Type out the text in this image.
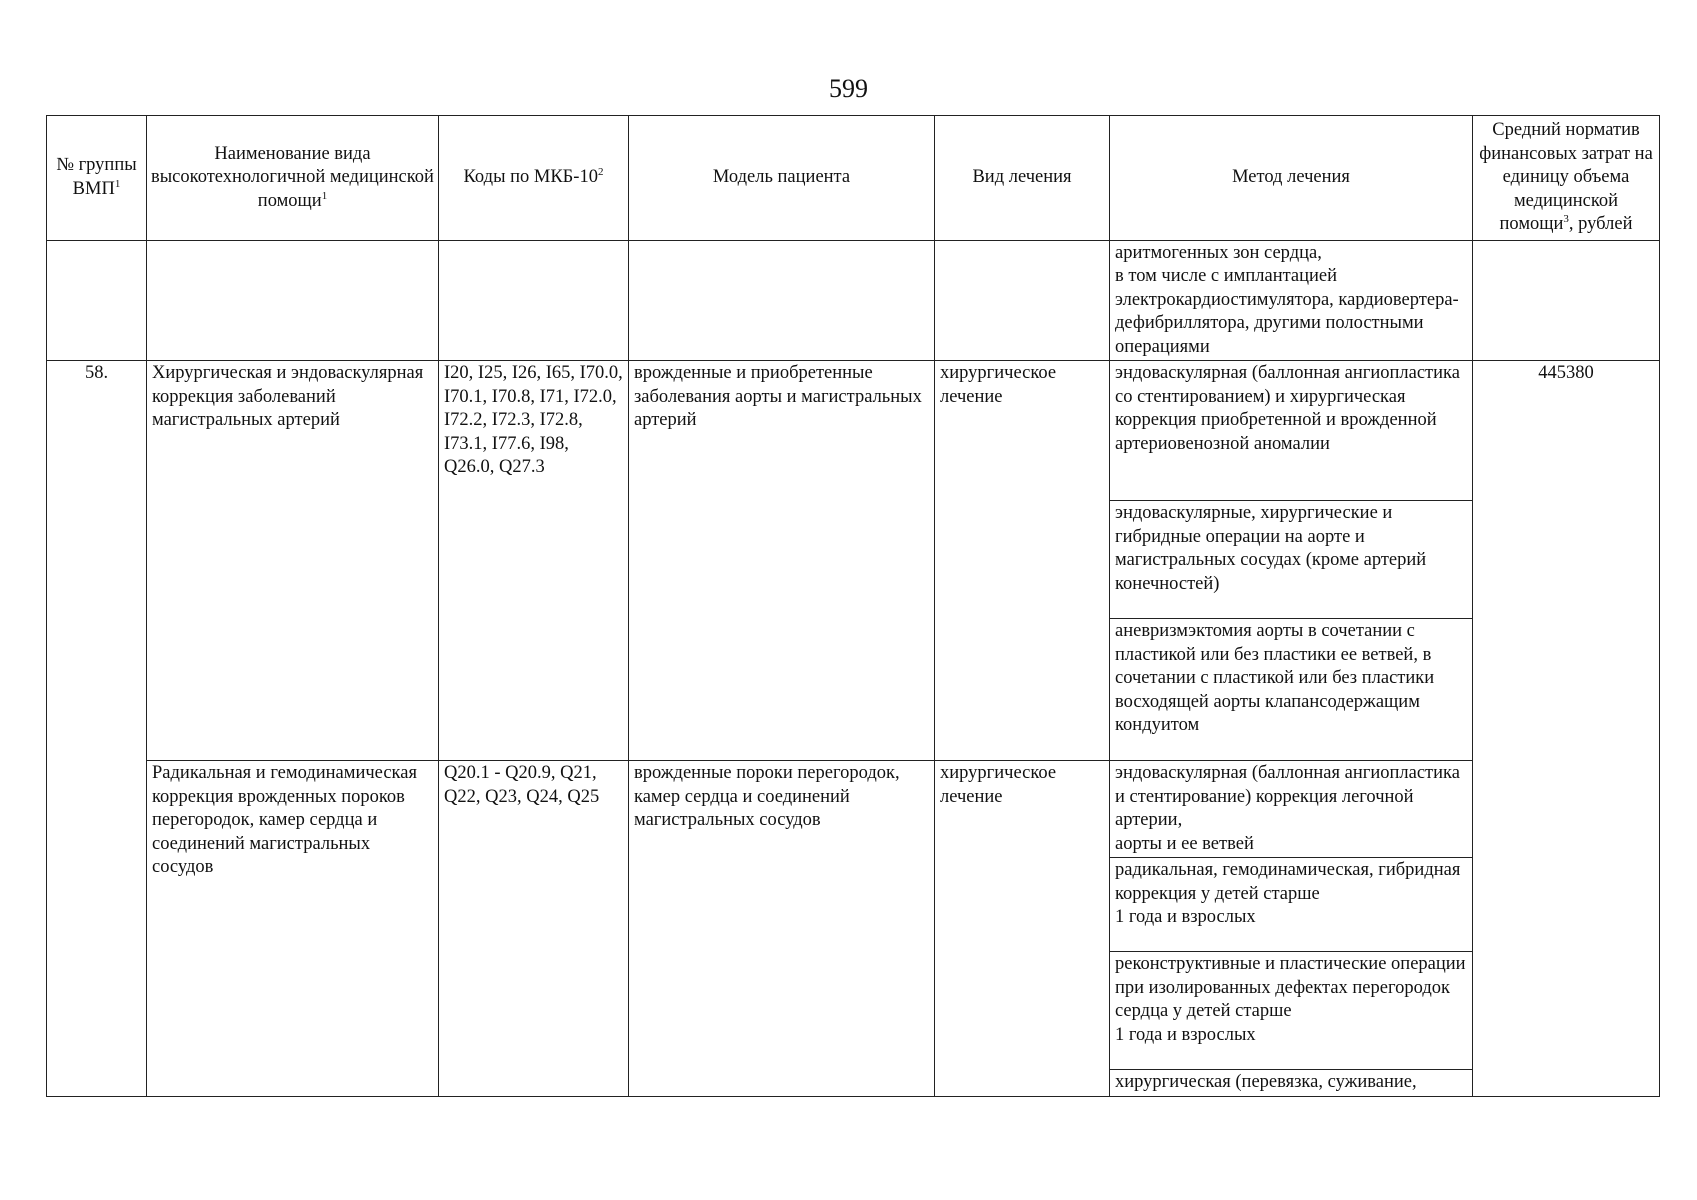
599
№ группы ВМП$^1$	Наименование вида высокотехнологичной медицинской помощи$^1$	Коды по МКБ-$10^2$	Модель пациента	Вид лечения	Метод лечения	Средний норматив финансовых затрат на единицу объема медицинской помощи$^3$, рублей
					аритмогенных зон сердца,
в том числе с имплантацией электрокардиостимулятора, кардиовертера-дефибриллятора, другими полостными операциями	
58.	Хирургическая и эндоваскулярная коррекция заболеваний магистральных артерий	I20, I25, I26, I65, I70.0, I70.1, I70.8, I71, I72.0, I72.2, I72.3, I72.8, I73.1, I77.6, I98, Q26.0, Q27.3	врожденные и приобретенные заболевания аорты и магистральных артерий	хирургическое лечение	эндоваскулярная (баллонная ангиопластика со стентированием) и хирургическая коррекция приобретенной и врожденной артериовенозной аномалии	445380
					эндоваскулярные, хирургические и гибридные операции на аорте и магистральных сосудах (кроме артерий конечностей)	
					аневризмэктомия аорты в сочетании с пластикой или без пластики ее ветвей, в сочетании с пластикой или без пластики восходящей аорты клапансодержащим кондуитом	
	Радикальная и гемодинамическая коррекция врожденных пороков перегородок, камер сердца и соединений магистральных сосудов	Q20.1 - Q20.9, Q21, Q22, Q23, Q24, Q25	врожденные пороки перегородок, камер сердца и соединений магистральных сосудов	хирургическое лечение	эндоваскулярная (баллонная ангиопластика и стентирование) коррекция легочной артерии,
аорты и ее ветвей	
					радикальная, гемодинамическая, гибридная коррекция у детей старше
1 года и взрослых	
					реконструктивные и пластические операции при изолированных дефектах перегородок сердца у детей старше
1 года и взрослых	
					хирургическая (перевязка, суживание,	
